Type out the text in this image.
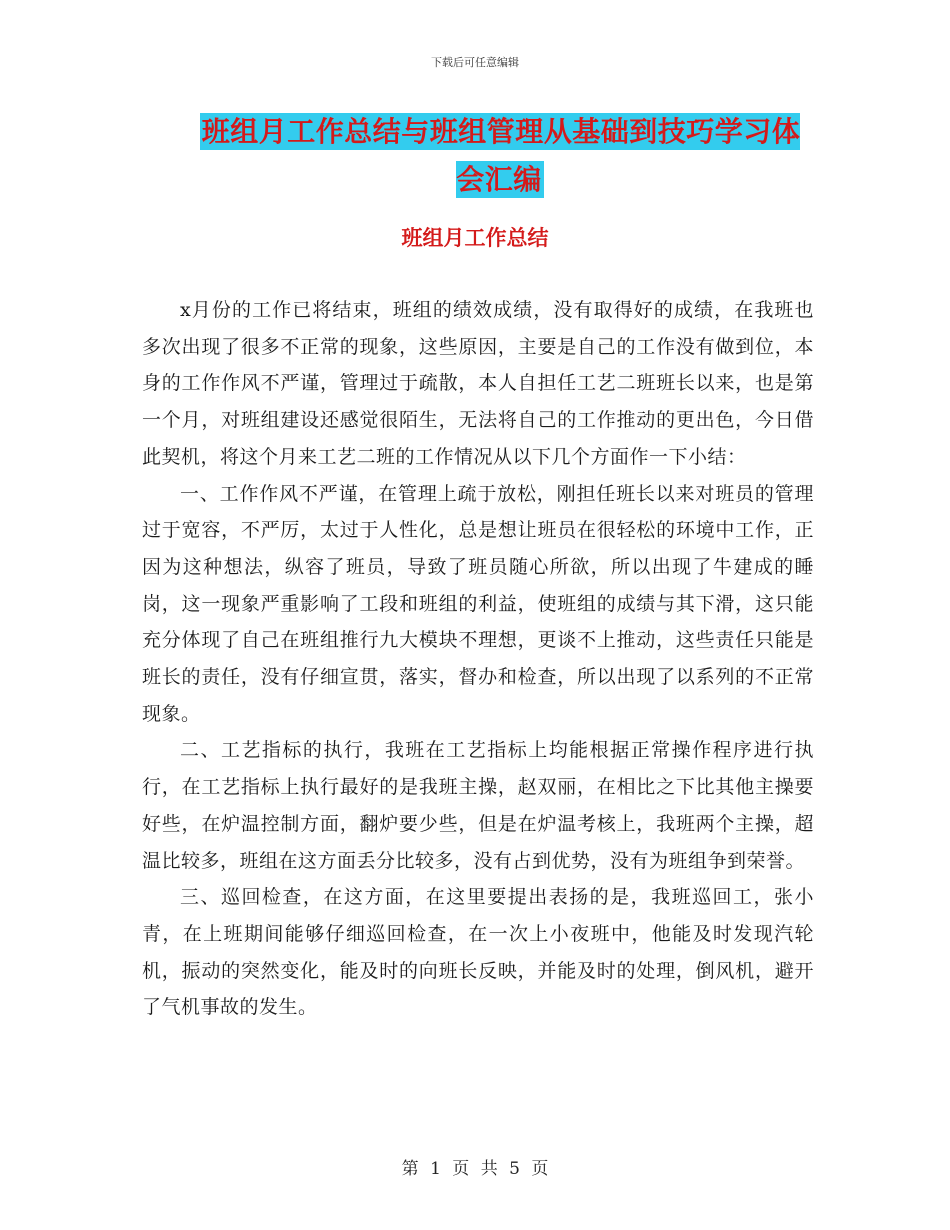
下载后可任意编辑
班组月工作总结与班组管理从基础到技巧学习体会汇编
班组月工作总结

x月份的工作已将结束，班组的绩效成绩，没有取得好的成绩，在我班也多次出现了很多不正常的现象，这些原因，主要是自己的工作没有做到位，本身的工作作风不严谨，管理过于疏散，本人自担任工艺二班班长以来，也是第一个月，对班组建设还感觉很陌生，无法将自己的工作推动的更出色，今日借此契机，将这个月来工艺二班的工作情况从以下几个方面作一下小结：

一、工作作风不严谨，在管理上疏于放松，刚担任班长以来对班员的管理过于宽容，不严厉，太过于人性化，总是想让班员在很轻松的环境中工作，正因为这种想法，纵容了班员，导致了班员随心所欲，所以出现了牛建成的睡岗，这一现象严重影响了工段和班组的利益，使班组的成绩与其下滑，这只能充分体现了自己在班组推行九大模块不理想，更谈不上推动，这些责任只能是班长的责任，没有仔细宣贯，落实，督办和检查，所以出现了以系列的不正常现象。

二、工艺指标的执行，我班在工艺指标上均能根据正常操作程序进行执行，在工艺指标上执行最好的是我班主操，赵双丽，在相比之下比其他主操要好些，在炉温控制方面，翻炉要少些，但是在炉温考核上，我班两个主操，超温比较多，班组在这方面丢分比较多，没有占到优势，没有为班组争到荣誉。

三、巡回检查，在这方面，在这里要提出表扬的是，我班巡回工，张小青，在上班期间能够仔细巡回检查，在一次上小夜班中，他能及时发现汽轮机，振动的突然变化，能及时的向班长反映，并能及时的处理，倒风机，避开了气机事故的发生。

第 1 页 共 5 页
